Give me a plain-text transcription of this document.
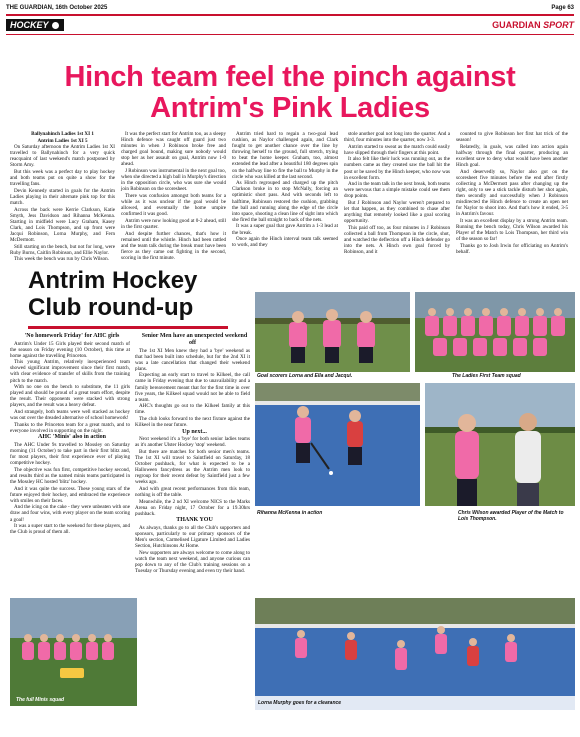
THE GUARDIAN, 16th October 2025	Page 63
HOCKEY	GUARDIAN SPORT
Hinch team feel the pinch against Antrim's Pink Ladies

Ballynahinch Ladies 1st XI 1

Antrim Ladies 1st XI 5

On Saturday afternoon the Antrim Ladies 1st XI travelled to Ballynahinch for a very quick reacquaint of last weekend's match postponed by Storm Amy.

But this week was a perfect day to play hockey and both teams put on quite a show for the travelling fans.

Devin Kennedy started in goals for the Antrim Ladies playing in their alternate pink top for this match.

Across the back were Kerrie Clarkson, Katie Smyth, Jess Davidson and Rihanna McKenna. Starting in midfield were Lucy Graham, Kasey Clark, and Lois Thompson, and up front were Jacqui Robinson, Lorna Murphy, and Fern McDermott.

Still starting on the bench, but not for long, were Ruby Burns, Caitlin Robinson, and Ellie Naylor.

This week the bench was run by Chris Wilson.

It was the perfect start for Antrim too, as a sleepy Hinch defence was caught off guard just two minutes in when J Robinson broke free and charged goal bound, making sure nobody would stop her as her assault on goal, Antrim now 1-0 ahead.

J Robinson was instrumental in the next goal too, when she directed a high ball in Murphy's direction in the opposition circle, who was sure she would join Robinson on the scoresheet.

There was confusion amongst both teams for a while as it was unclear if the goal would be allowed, and eventually the home umpire confirmed it was good.

Antrim were now looking good at 0-2 ahead, still in the first quarter.

And despite further chances, that's how it remained until the whistle. Hinch had been rattled and the team talk during the break must have been fierce as they came out fighting in the second, scoring in the first minute.

Antrim tried hard to regain a two-goal lead cushion, as Naylor challenged again, and Clark fought to get another chance over the line by throwing herself to the ground, full stretch, trying to beat the home keeper. Graham, too, almost extended the lead after a beautiful 180 degrees spin on the halfway line to fire the ball to Murphy in the circle who was killed at the last second.

As Hinch regrouped and charged up the pitch Clarkson broke in to stop McNally, forcing an optimistic short pass. And with seconds left to halftime, Robinson restored the cushion, grabbing the ball and running along the edge of the circle into space, shooting a clean line of sight into which she fired the ball straight to back of the nets.

It was a super goal that gave Antrim a 1-3 lead at the break.

Once again the Hinch interval team talk seemed to work, and they

stole another goal not long into the quarter. And a third, four minutes into the quarter, now 3-3.

Antrim started to sweat as the match could easily have slipped through their fingers at this point.

It also felt like their luck was running out, as the numbers came as they created saw the ball hit the post or be saved by the Hinch keeper, who now was in excellent form.

And in the team talk in the next break, both teams were nervous that a simple mistake could see them drop points.

But J Robinson and Naylor weren't prepared to let that happen, as they combined to chase after anything that remotely looked like a goal scoring opportunity.

This paid off too, as four minutes in J Robinson collected a ball from Thompson in the circle, shot, and watched the deflection off a Hinch defender go into the nets. A Hinch own goal forced by Robinson, and it

counted to give Robinson her first hat trick of the season!

Relatedly, in goals, was called into action again halfway through the final quarter, producing an excellent save to deny what would have been another Hinch goal.

And deservedly so, Naylor also got on the scoresheet five minutes before the end after firstly collecting a McDermott pass after changing up the right, only to see a stick tackle disturb her shot again, then secondly and successfully when J Robinson misdirected the Hinch defence to create an open net for Naylor to shoot into. And that's how it ended, 3-5 in Antrim's favour.

It was an excellent display by a strong Antrim team. Running the bench today, Chris Wilson awarded his Player of the Match to Lois Thompson, her third win of the season so far!

Thanks go to Josh Irwin for officiating on Antrim's behalf.

Antrim Hockey Club round-up

'No homework Friday' for AHC girls

Antrim's Under 15 Girls played their second match of the season on Friday evening (10 October), this time at home against the travelling Princeton.

This young Antrim, relatively inexperienced team showed significant improvement since their first match, with clear evidence of transfer of skills from the training pitch to the match.

With no one on the bench to substitute, the 11 girls played and should be proud of a great team effort, despite the result. Their opponents were stacked with strong players, and the result was a heavy defeat.

And strangely, both teams were well stacked as hockey was out over the dreaded alternative of school homework!

Thanks to the Princeton team for a great match, and to everyone involved in supporting on the night.

AHC 'Minis' also in action

The AHC Under 9s travelled to Mossley on Saturday morning (11 October) to take part in their first blitz and, for most players, their first experience ever of playing competitive hockey.

The objective was fun first, competitive hockey second, and results third as the named minis teams participated in the Mossley HC hosted 'blitz' hockey.

And it was quite the success. These young stars of the future enjoyed their hockey, and embraced the experience with smiles on their faces.

And the icing on the cake - they were unbeaten with one draw and four wins, with every player on the team scoring a goal!

It was a super start to the weekend for these players, and the Club is proud of them all.

Senior Men have an unexpected weekend off

The 1st XI Men knew they had a 'bye' weekend as that had been built into schedule, but for the 2nd XI it was a late cancellation that changed their weekend plans.

Expecting an early start to travel to Kilkeel, the call came in Friday evening that due to unavailability and a family bereavement meant that for the first time in over five years, the Kilkeel squad would not be able to field a team.

AHC's thoughts go out to the Kilkeel family at this time.

The club looks forward to the next fixture against the Kilkeel in the near future.

Up next...

Next weekend it's a 'bye' for both senior ladies teams as it's another Ulster Hockey 'stop' weekend.

But there are matches for both senior men's teams. The 1st XI will travel to Saintfield on Saturday, 18 October pushback, for what is expected to be a Halloween fancydress as the Antrim men look to regroup for their recent defeat by Saintfield just a few weeks ago.

And with great recent performances from this team, nothing is off the table.

Meanwhile, the 2 nd XI welcome NICS to the Marks Arena on Friday night, 17 October for a 19.30hrs pushback.

THANK YOU

As always, thanks go to all the Club's supporters and sponsors, particularly to our primary sponsors of the Men's section, Carmelised Ligature Limited and Ladies Section, Hutchinsons At Home.

New supporters are always welcome to come along to watch the team next weekend, and anyone curious can pop down to any of the Club's training sessions on a Tuesday or Thursday evening and even try their hand.

Goal scorers Lorna and Ella and Jacqui.	The Ladies First Team squad
Rihanna McKenna in action	Chris Wilson awarded Player of the Match to Lois Thompson.
The full Minis squad	Lorna Murphy goes for a clearance
